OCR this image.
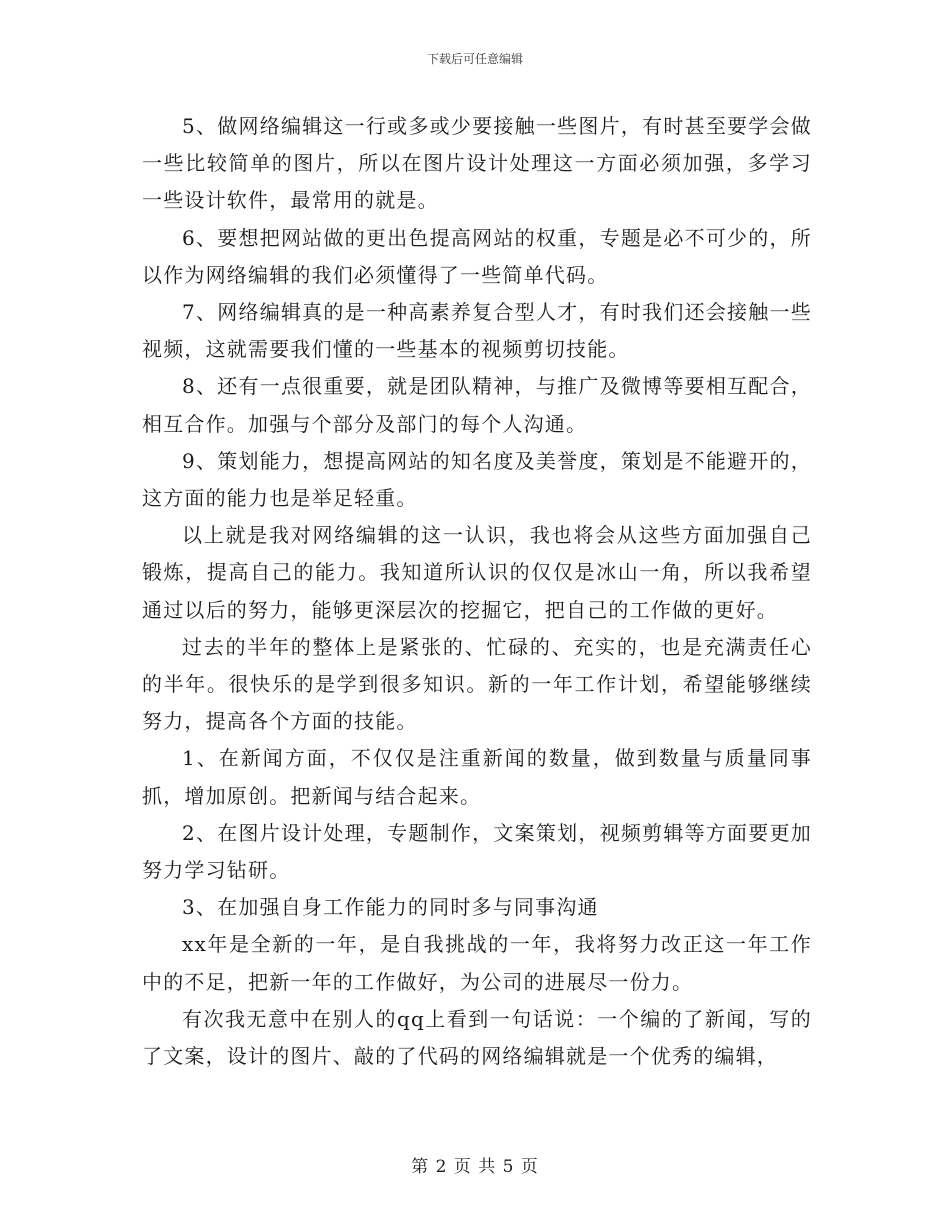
下载后可任意编辑

5、做网络编辑这一行或多或少要接触一些图片，有时甚至要学会做一些比较简单的图片，所以在图片设计处理这一方面必须加强，多学习一些设计软件，最常用的就是。

6、要想把网站做的更出色提高网站的权重，专题是必不可少的，所以作为网络编辑的我们必须懂得了一些简单代码。

7、网络编辑真的是一种高素养复合型人才，有时我们还会接触一些视频，这就需要我们懂的一些基本的视频剪切技能。

8、还有一点很重要，就是团队精神，与推广及微博等要相互配合，相互合作。加强与个部分及部门的每个人沟通。

9、策划能力，想提高网站的知名度及美誉度，策划是不能避开的，这方面的能力也是举足轻重。

以上就是我对网络编辑的这一认识，我也将会从这些方面加强自己锻炼，提高自己的能力。我知道所认识的仅仅是冰山一角，所以我希望通过以后的努力，能够更深层次的挖掘它，把自己的工作做的更好。

过去的半年的整体上是紧张的、忙碌的、充实的，也是充满责任心的半年。很快乐的是学到很多知识。新的一年工作计划，希望能够继续努力，提高各个方面的技能。

1、在新闻方面，不仅仅是注重新闻的数量，做到数量与质量同事抓，增加原创。把新闻与结合起来。

2、在图片设计处理，专题制作，文案策划，视频剪辑等方面要更加努力学习钻研。

3、在加强自身工作能力的同时多与同事沟通

xx年是全新的一年，是自我挑战的一年，我将努力改正这一年工作中的不足，把新一年的工作做好，为公司的进展尽一份力。

有次我无意中在别人的qq上看到一句话说：一个编的了新闻，写的了文案，设计的图片、敲的了代码的网络编辑就是一个优秀的编辑，

第 2 页 共 5 页
